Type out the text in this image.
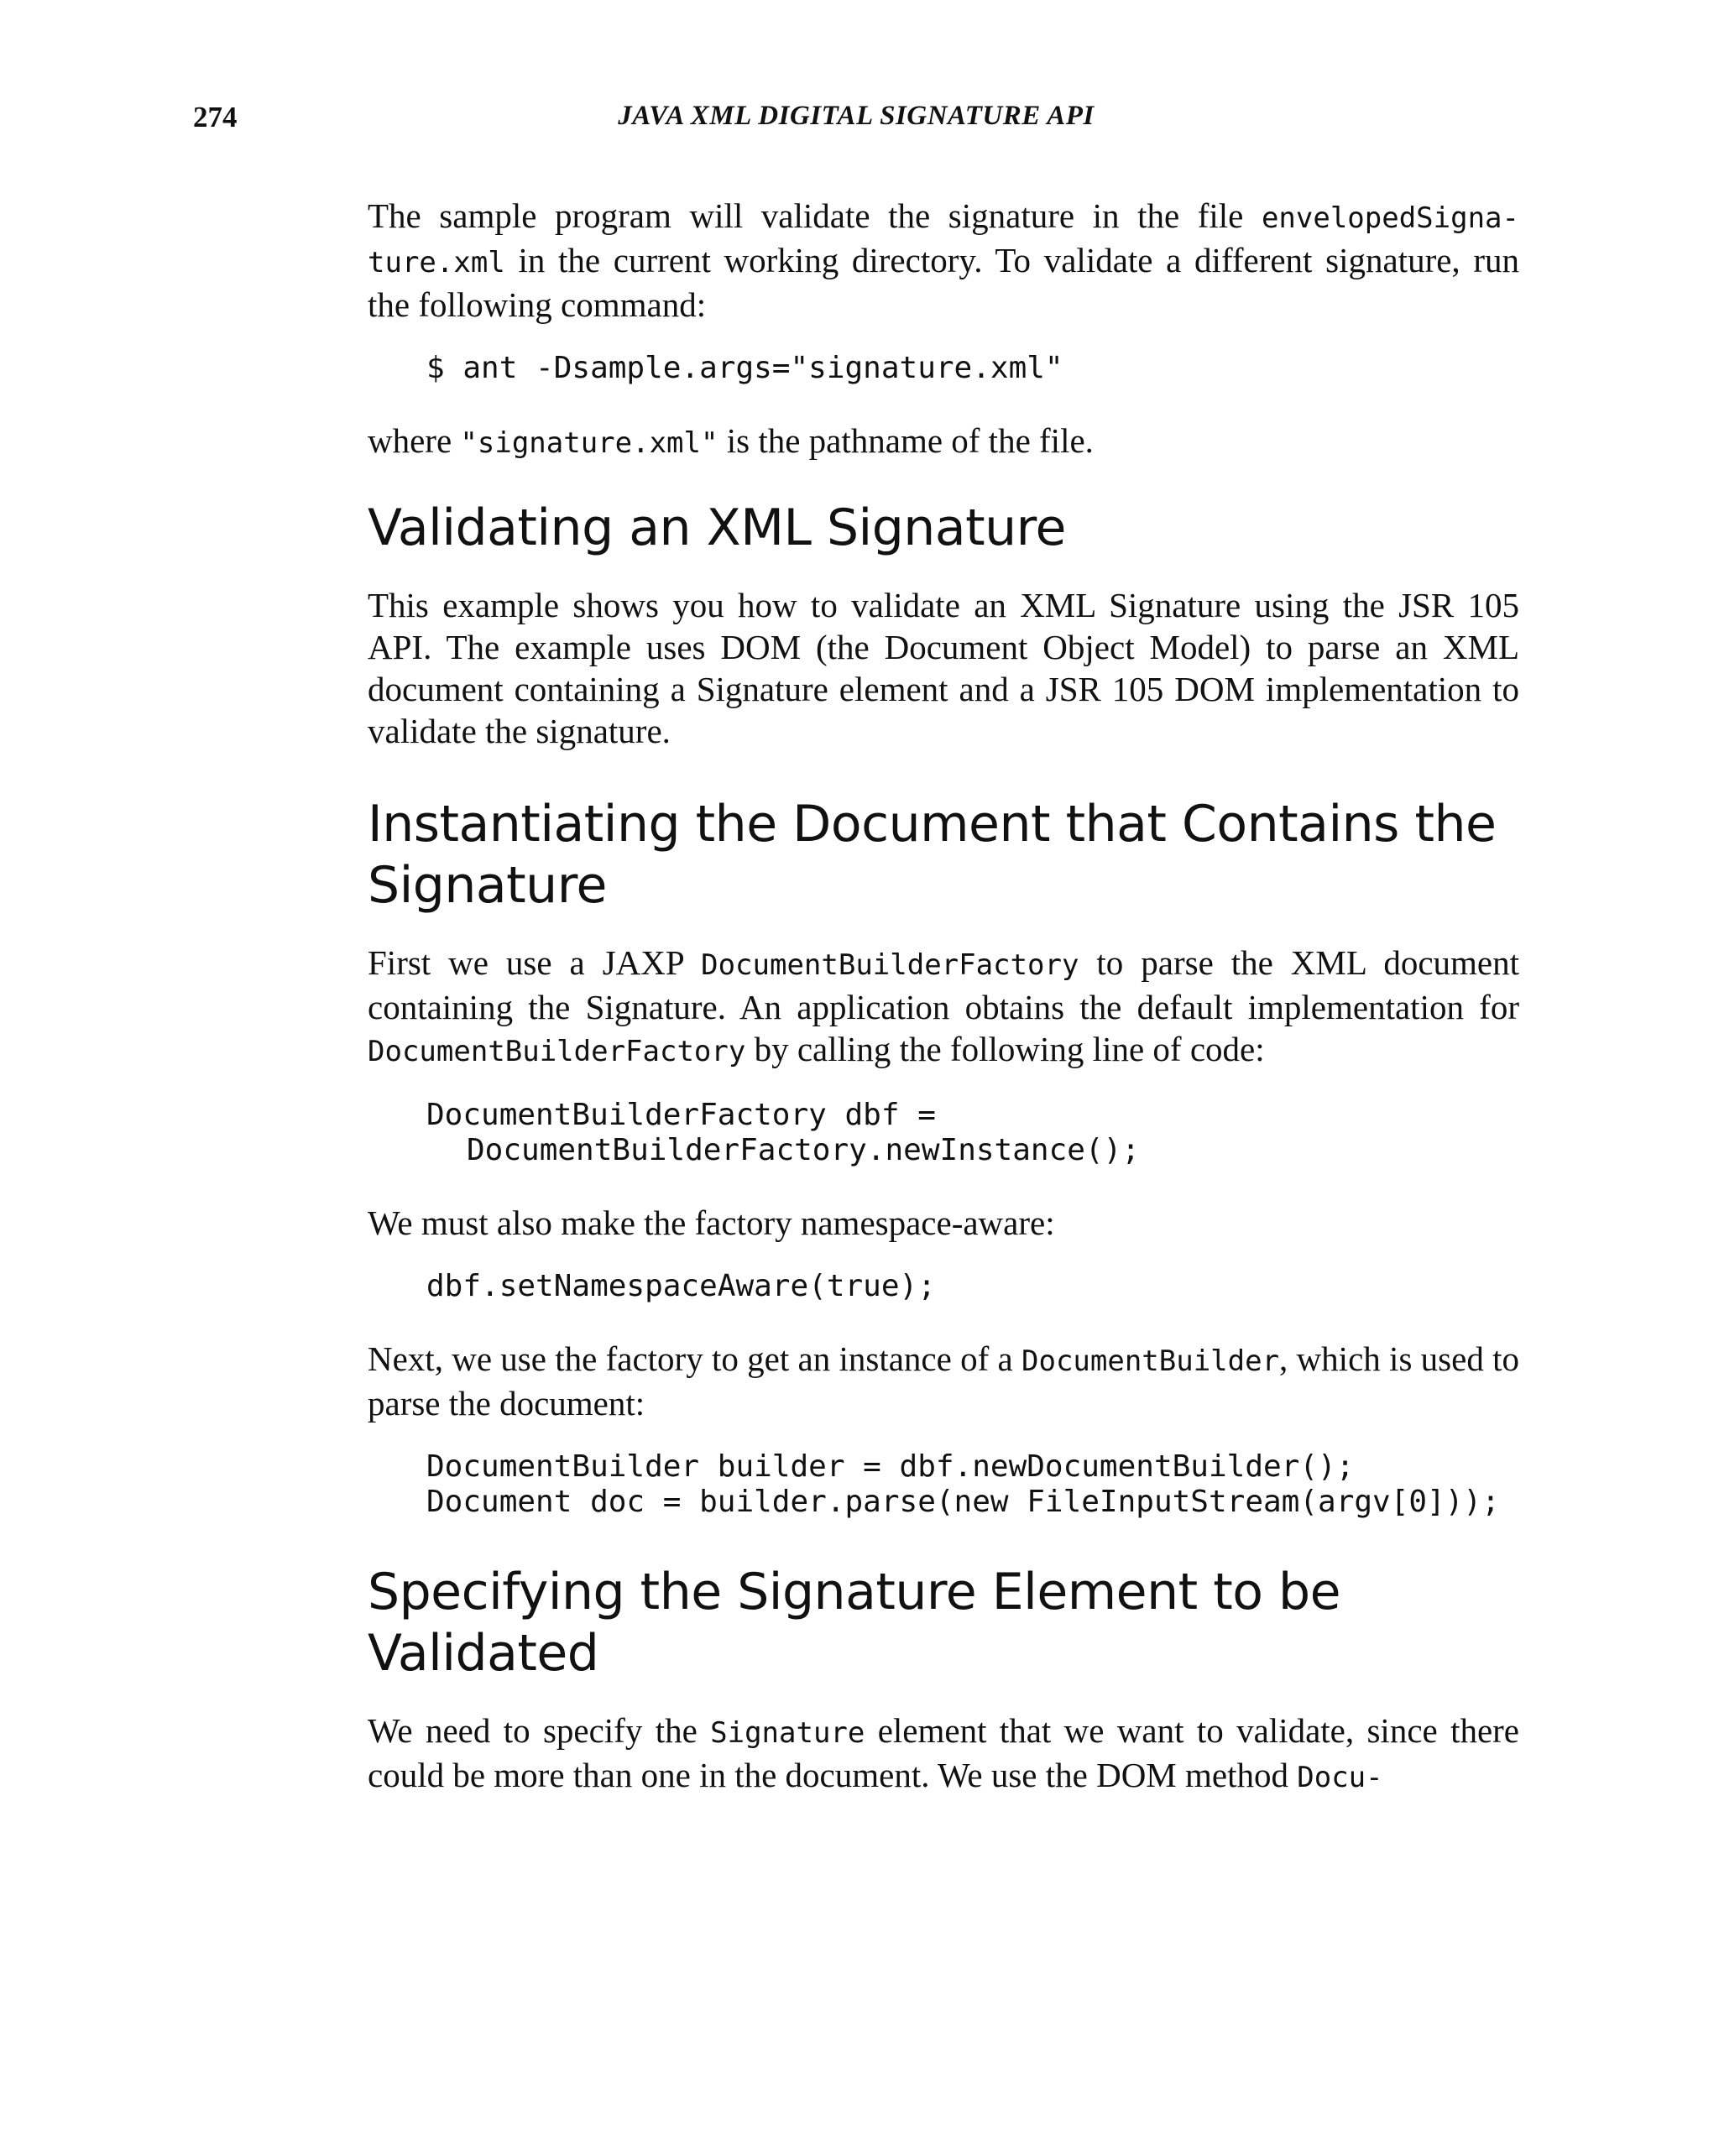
274	JAVA XML DIGITAL SIGNATURE API

The sample program will validate the signature in the file envelopedSigna-ture.xml in the current working directory. To validate a different signature, run the following command:

$ ant -Dsample.args="signature.xml"

where "signature.xml" is the pathname of the file.

Validating an XML Signature

This example shows you how to validate an XML Signature using the JSR 105 API. The example uses DOM (the Document Object Model) to parse an XML document containing a Signature element and a JSR 105 DOM implementation to validate the signature.

Instantiating the Document that Contains the Signature

First we use a JAXP DocumentBuilderFactory to parse the XML document containing the Signature. An application obtains the default implementation for DocumentBuilderFactory by calling the following line of code:

DocumentBuilderFactory dbf =
DocumentBuilderFactory.newInstance();

We must also make the factory namespace-aware:

dbf.setNamespaceAware(true);

Next, we use the factory to get an instance of a DocumentBuilder, which is used to parse the document:

DocumentBuilder builder = dbf.newDocumentBuilder();
Document doc = builder.parse(new FileInputStream(argv[0]));
Specifying the Signature Element to be Validated

We need to specify the Signature element that we want to validate, since there could be more than one in the document. We use the DOM method Docu-
